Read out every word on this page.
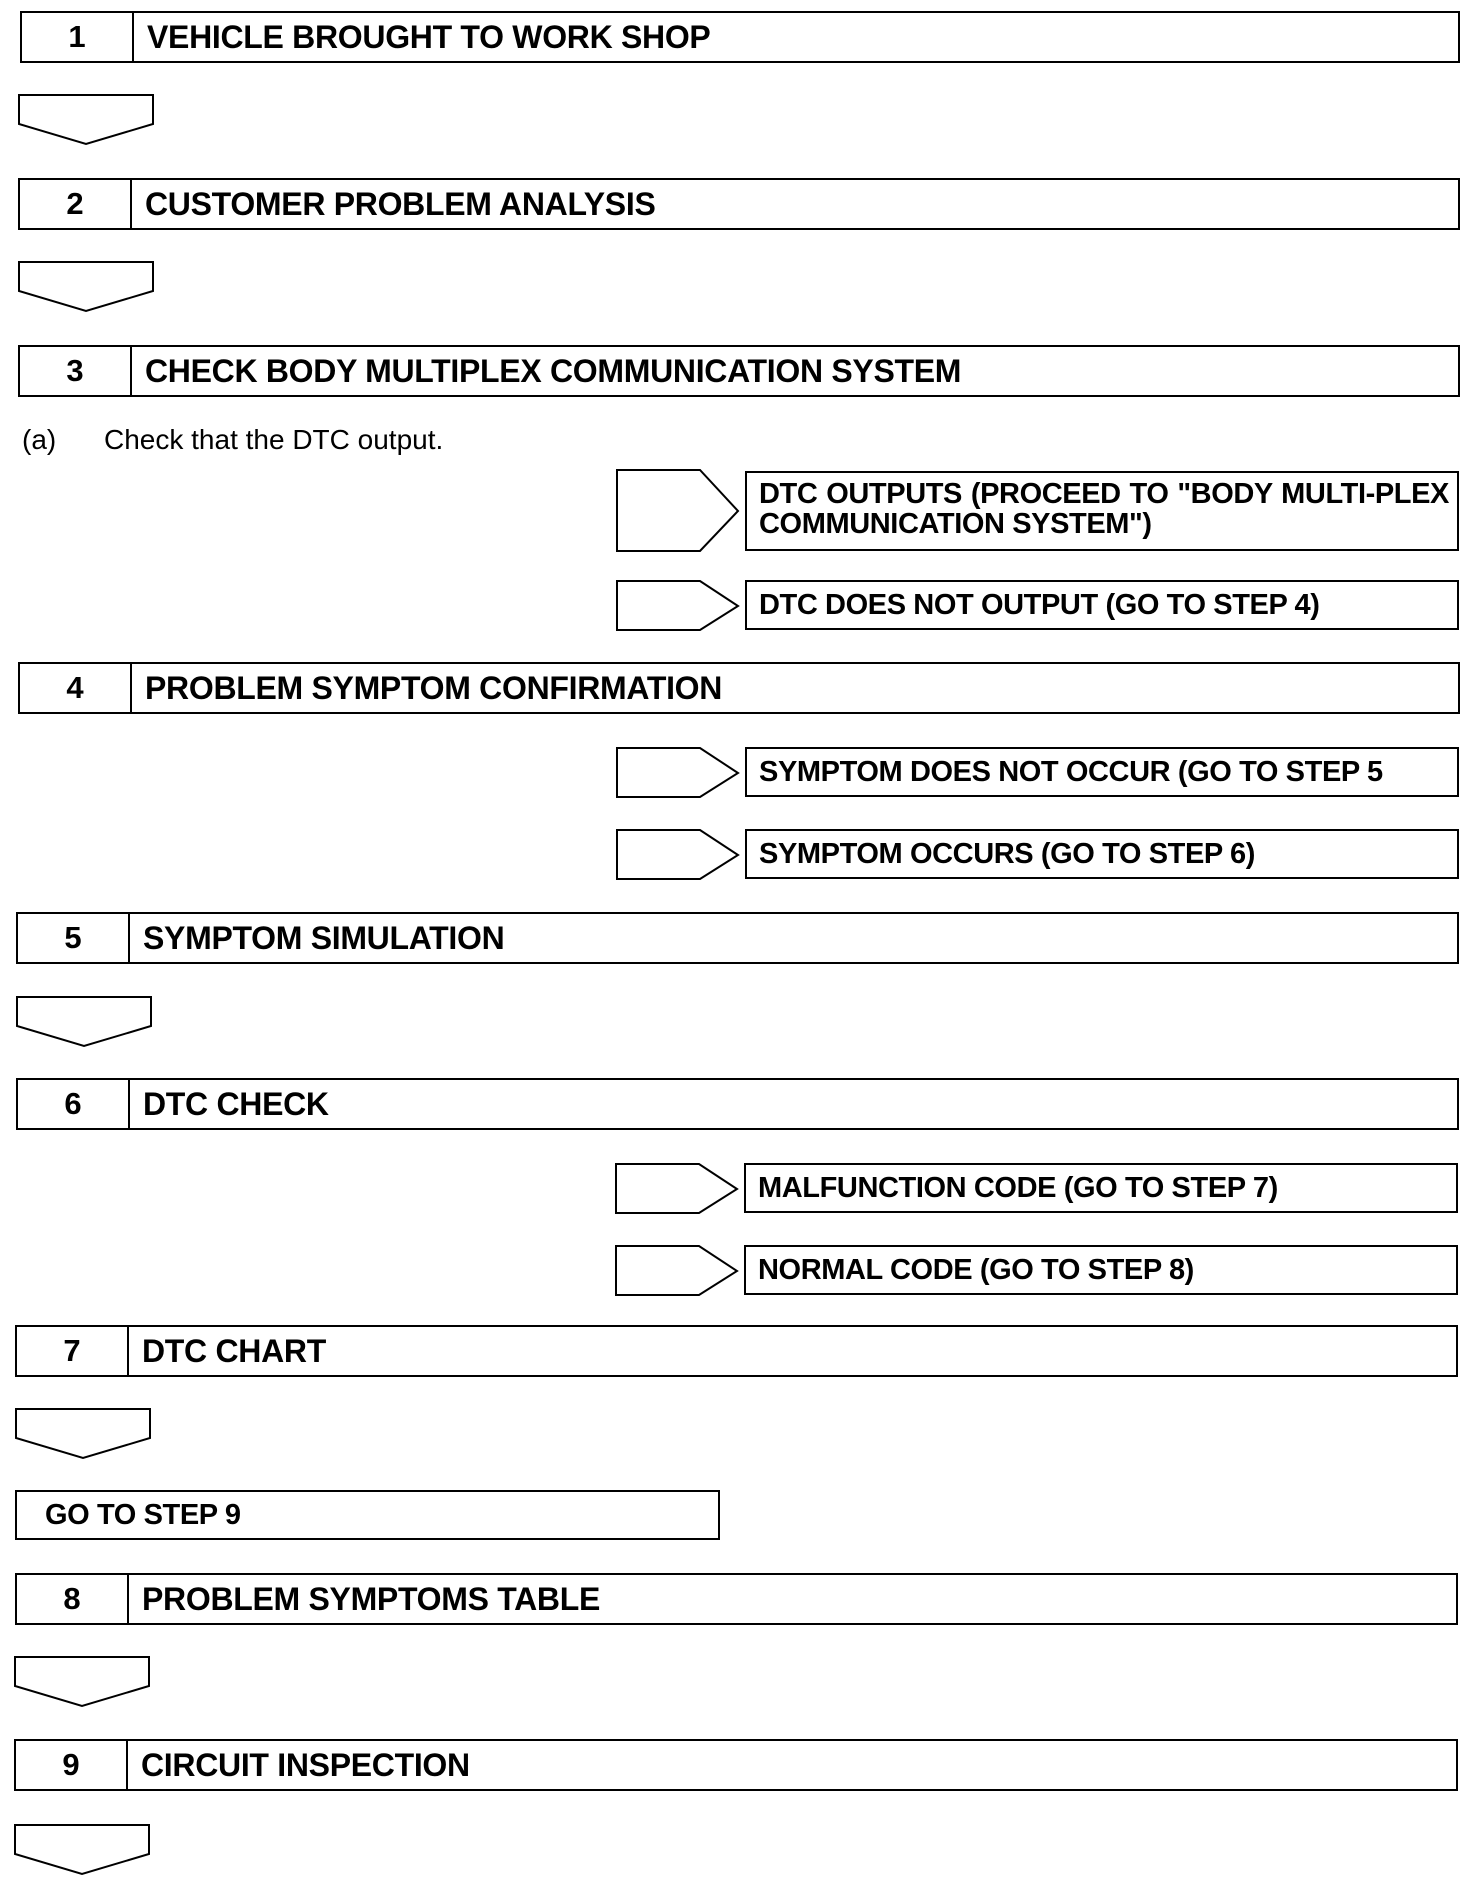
1	VEHICLE BROUGHT TO WORK SHOP
2	CUSTOMER PROBLEM ANALYSIS
3	CHECK BODY MULTIPLEX COMMUNICATION SYSTEM
(a) Check that the DTC output.
DTC OUTPUTS (PROCEED TO "BODY MULTI-PLEX COMMUNICATION SYSTEM")
DTC DOES NOT OUTPUT (GO TO STEP 4)
4	PROBLEM SYMPTOM CONFIRMATION
SYMPTOM DOES NOT OCCUR (GO TO STEP 5
SYMPTOM OCCURS (GO TO STEP 6)
5	SYMPTOM SIMULATION
6	DTC CHECK
MALFUNCTION CODE (GO TO STEP 7)
NORMAL CODE (GO TO STEP 8)
7	DTC CHART
GO TO STEP 9
8	PROBLEM SYMPTOMS TABLE
9	CIRCUIT INSPECTION
